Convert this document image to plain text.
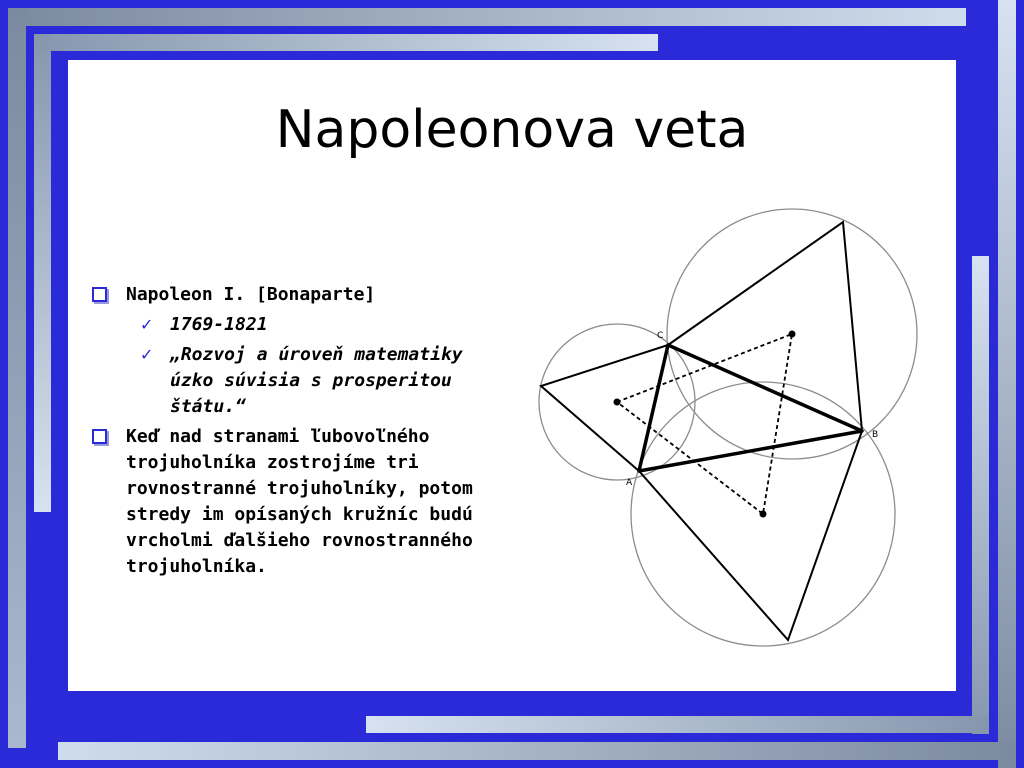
Napoleonova veta
Napoleon I. [Bonaparte]
✓ 1769-1821
✓ „Rozvoj a úroveň matematiky úzko súvisia s prosperitou štátu.“
Keď nad stranami ľubovoľného trojuholníka zostrojíme tri rovnostranné trojuholníky, potom stredy im opísaných kružníc budú vrcholmi ďalšieho rovnostranného trojuholníka.
C
B
A
